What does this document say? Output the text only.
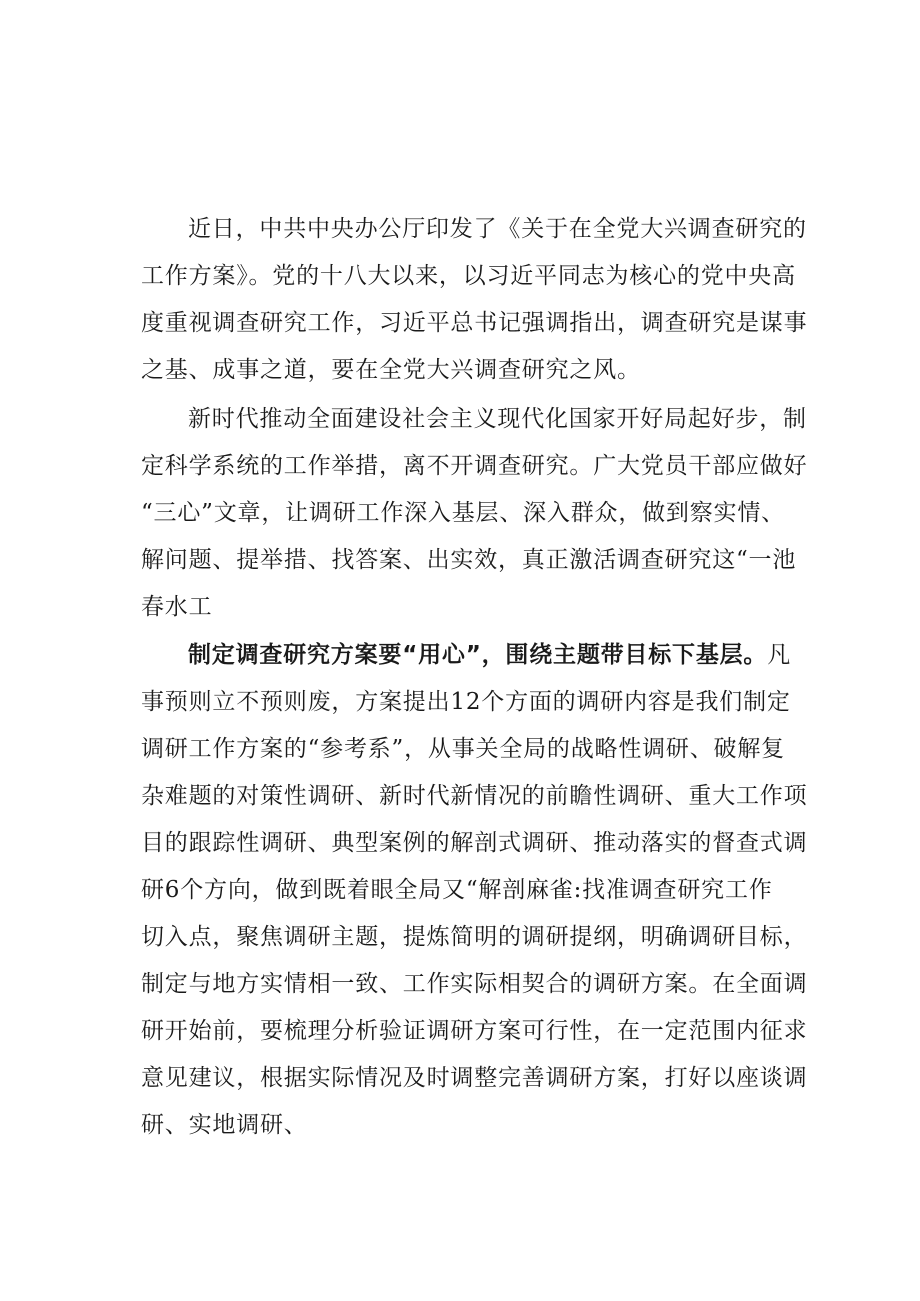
近日，中共中央办公厅印发了《关于在全党大兴调查研究的
工作方案》。党的十八大以来，以习近平同志为核心的党中央高
度重视调查研究工作，习近平总书记强调指出，调查研究是谋事
之基、成事之道，要在全党大兴调查研究之风。
新时代推动全面建设社会主义现代化国家开好局起好步，制
定科学系统的工作举措，离不开调查研究。广大党员干部应做好
“三心”文章，让调研工作深入基层、深入群众，做到察实情、
解问题、提举措、找答案、出实效，真正激活调查研究这“一池
春水工
制定调查研究方案要“用心”，围绕主题带目标下基层。凡
事预则立不预则废，方案提出12个方面的调研内容是我们制定
调研工作方案的“参考系”，从事关全局的战略性调研、破解复
杂难题的对策性调研、新时代新情况的前瞻性调研、重大工作项
目的跟踪性调研、典型案例的解剖式调研、推动落实的督查式调
研6个方向，做到既着眼全局又“解剖麻雀:找准调查研究工作
切入点，聚焦调研主题，提炼简明的调研提纲，明确调研目标，
制定与地方实情相一致、工作实际相契合的调研方案。在全面调
研开始前，要梳理分析验证调研方案可行性，在一定范围内征求
意见建议，根据实际情况及时调整完善调研方案，打好以座谈调
研、实地调研、
